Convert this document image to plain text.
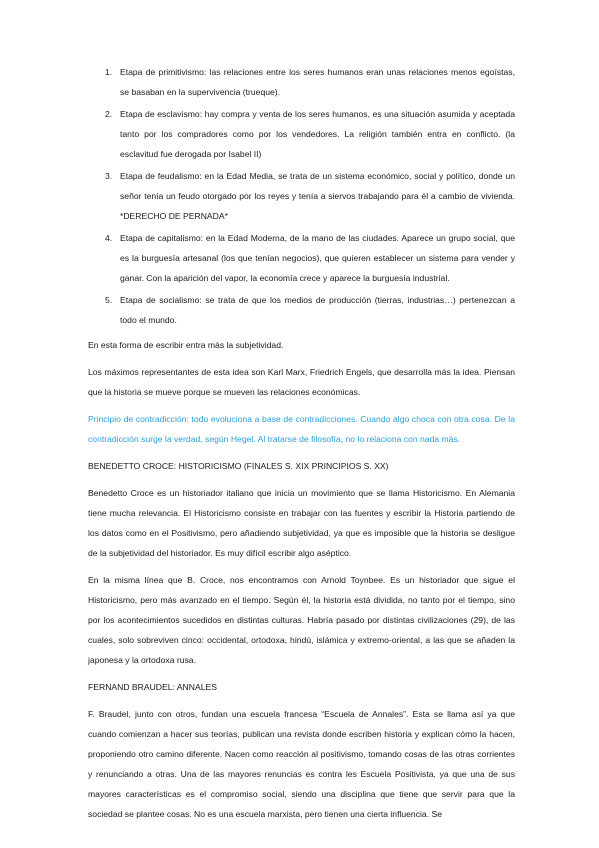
1. Etapa de primitivismo: las relaciones entre los seres humanos eran unas relaciones menos egoístas, se basaban en la supervivencia (trueque).
2. Etapa de esclavismo: hay compra y venta de los seres humanos, es una situación asumida y aceptada tanto por los compradores como por los vendedores. La religión también entra en conflicto. (la esclavitud fue derogada por Isabel II)
3. Etapa de feudalismo: en la Edad Media, se trata de un sistema económico, social y político, donde un señor tenía un feudo otorgado por los reyes y tenía a siervos trabajando para él a cambio de vivienda. *DERECHO DE PERNADA*
4. Etapa de capitalismo: en la Edad Moderna, de la mano de las ciudades. Aparece un grupo social, que es la burguesía artesanal (los que tenían negocios), que quieren establecer un sistema para vender y ganar. Con la aparición del vapor, la economía crece y aparece la burguesía industrial.
5. Etapa de socialismo: se trata de que los medios de producción (tierras, industrias…) pertenezcan a todo el mundo.

En esta forma de escribir entra más la subjetividad.

Los máximos representantes de esta idea son Karl Marx, Friedrich Engels, que desarrolla más la idea. Piensan que la historia se mueve porque se mueven las relaciones económicas.

Principio de contradicción: todo evoluciona a base de contradicciones. Cuando algo choca con otra cosa. De la contradicción surge la verdad, según Hegel. Al tratarse de filosofía, no lo relaciona con nada más.

BENEDETTO CROCE: HISTORICISMO (FINALES S. XIX PRINCIPIOS S. XX)

Benedetto Croce es un historiador italiano que inicia un movimiento que se llama Historicismo. En Alemania tiene mucha relevancia. El Historicismo consiste en trabajar con las fuentes y escribir la Historia partiendo de los datos como en el Positivismo, pero añadiendo subjetividad, ya que es imposible que la historia se desligue de la subjetividad del historiador. Es muy difícil escribir algo aséptico.

En la misma línea que B. Croce, nos encontramos con Arnold Toynbee. Es un historiador que sigue el Historicismo, pero más avanzado en el tiempo. Según él, la historia está dividida, no tanto por el tiempo, sino por los acontecimientos sucedidos en distintas culturas. Habría pasado por distintas civilizaciones (29), de las cuales, solo sobreviven cinco: occidental, ortodoxa, hindú, islámica y extremo-oriental, a las que se añaden la japonesa y la ortodoxa rusa.

FERNAND BRAUDEL: ANNALES

F. Braudel, junto con otros, fundan una escuela francesa “Escuela de Annales”. Esta se llama así ya que cuando comienzan a hacer sus teorías, publican una revista donde escriben historia y explican cómo la hacen, proponiendo otro camino diferente. Nacen como reacción al positivismo, tomando cosas de las otras corrientes y renunciando a otras. Una de las mayores renuncias es contra les Escuela Positivista, ya que una de sus mayores características es el compromiso social, siendo una disciplina que tiene que servir para que la sociedad se plantee cosas. No es una escuela marxista, pero tienen una cierta influencia. Se
